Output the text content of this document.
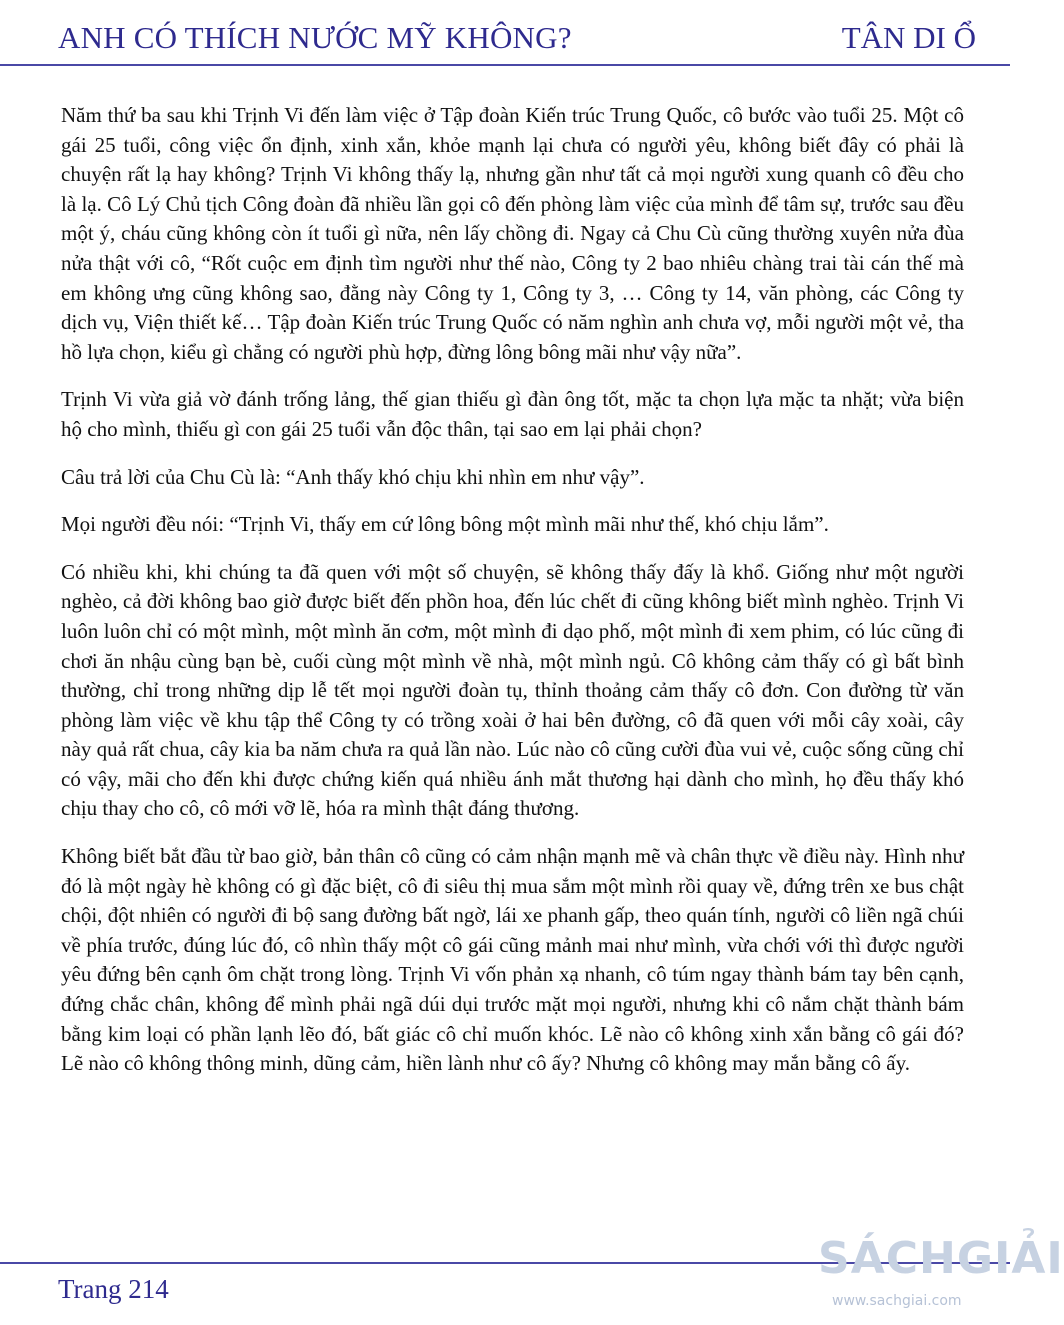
ANH CÓ THÍCH NƯỚC MỸ KHÔNG?	TÂN DI Ổ

Năm thứ ba sau khi Trịnh Vi đến làm việc ở Tập đoàn Kiến trúc Trung Quốc, cô bước vào tuổi 25. Một cô gái 25 tuổi, công việc ổn định, xinh xắn, khỏe mạnh lại chưa có người yêu, không biết đây có phải là chuyện rất lạ hay không? Trịnh Vi không thấy lạ, nhưng gần như tất cả mọi người xung quanh cô đều cho là lạ. Cô Lý Chủ tịch Công đoàn đã nhiều lần gọi cô đến phòng làm việc của mình để tâm sự, trước sau đều một ý, cháu cũng không còn ít tuổi gì nữa, nên lấy chồng đi. Ngay cả Chu Cù cũng thường xuyên nửa đùa nửa thật với cô, “Rốt cuộc em định tìm người như thế nào, Công ty 2 bao nhiêu chàng trai tài cán thế mà em không ưng cũng không sao, đằng này Công ty 1, Công ty 3, … Công ty 14, văn phòng, các Công ty dịch vụ, Viện thiết kế… Tập đoàn Kiến trúc Trung Quốc có năm nghìn anh chưa vợ, mỗi người một vẻ, tha hồ lựa chọn, kiểu gì chẳng có người phù hợp, đừng lông bông mãi như vậy nữa”.

Trịnh Vi vừa giả vờ đánh trống lảng, thế gian thiếu gì đàn ông tốt, mặc ta chọn lựa mặc ta nhặt; vừa biện hộ cho mình, thiếu gì con gái 25 tuổi vẫn độc thân, tại sao em lại phải chọn?

Câu trả lời của Chu Cù là: “Anh thấy khó chịu khi nhìn em như vậy”.

Mọi người đều nói: “Trịnh Vi, thấy em cứ lông bông một mình mãi như thế, khó chịu lắm”.

Có nhiều khi, khi chúng ta đã quen với một số chuyện, sẽ không thấy đấy là khổ. Giống như một người nghèo, cả đời không bao giờ được biết đến phồn hoa, đến lúc chết đi cũng không biết mình nghèo. Trịnh Vi luôn luôn chỉ có một mình, một mình ăn cơm, một mình đi dạo phố, một mình đi xem phim, có lúc cũng đi chơi ăn nhậu cùng bạn bè, cuối cùng một mình về nhà, một mình ngủ. Cô không cảm thấy có gì bất bình thường, chỉ trong những dịp lễ tết mọi người đoàn tụ, thỉnh thoảng cảm thấy cô đơn. Con đường từ văn phòng làm việc về khu tập thể Công ty có trồng xoài ở hai bên đường, cô đã quen với mỗi cây xoài, cây này quả rất chua, cây kia ba năm chưa ra quả lần nào. Lúc nào cô cũng cười đùa vui vẻ, cuộc sống cũng chỉ có vậy, mãi cho đến khi được chứng kiến quá nhiều ánh mắt thương hại dành cho mình, họ đều thấy khó chịu thay cho cô, cô mới vỡ lẽ, hóa ra mình thật đáng thương.

Không biết bắt đầu từ bao giờ, bản thân cô cũng có cảm nhận mạnh mẽ và chân thực về điều này. Hình như đó là một ngày hè không có gì đặc biệt, cô đi siêu thị mua sắm một mình rồi quay về, đứng trên xe bus chật chội, đột nhiên có người đi bộ sang đường bất ngờ, lái xe phanh gấp, theo quán tính, người cô liền ngã chúi về phía trước, đúng lúc đó, cô nhìn thấy một cô gái cũng mảnh mai như mình, vừa chới với thì được người yêu đứng bên cạnh ôm chặt trong lòng. Trịnh Vi vốn phản xạ nhanh, cô túm ngay thành bám tay bên cạnh, đứng chắc chân, không để mình phải ngã dúi dụi trước mặt mọi người, nhưng khi cô nắm chặt thành bám bằng kim loại có phần lạnh lẽo đó, bất giác cô chỉ muốn khóc. Lẽ nào cô không xinh xắn bằng cô gái đó? Lẽ nào cô không thông minh, dũng cảm, hiền lành như cô ấy? Nhưng cô không may mắn bằng cô ấy.

Trang 214
SÁCHGIẢI
www.sachgiai.com
